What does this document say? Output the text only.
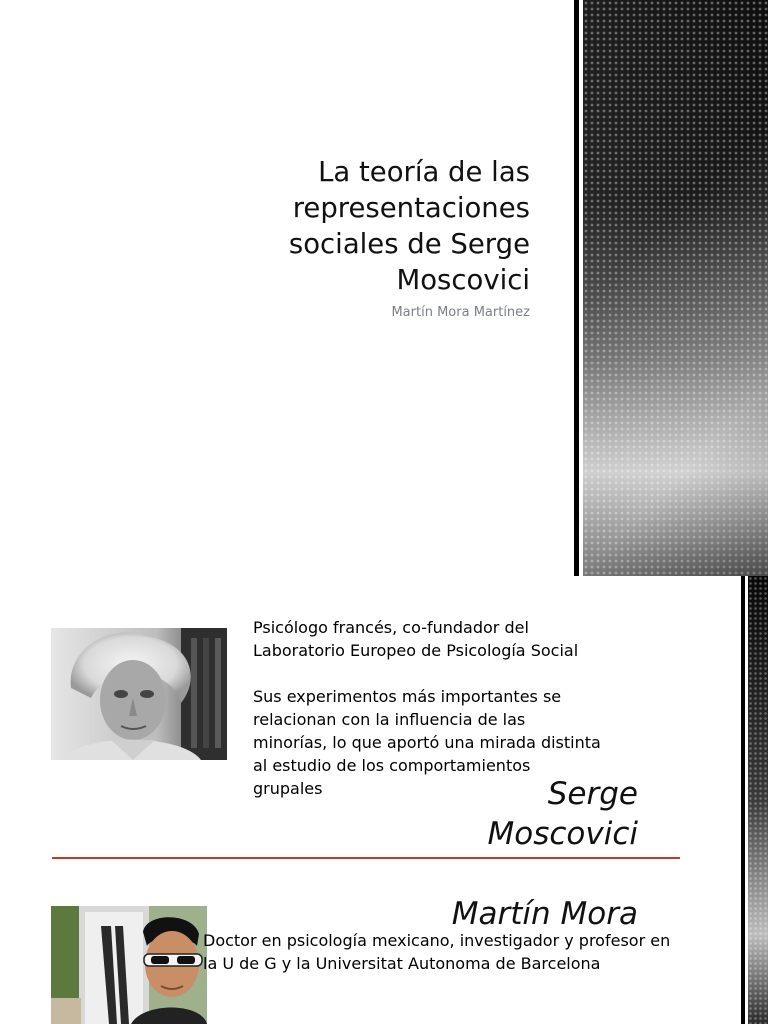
La teoría de las
representaciones
sociales de Serge
Moscovici
Martín Mora Martínez

Psicólogo francés, co-fundador del Laboratorio Europeo de Psicología Social

Sus experimentos más importantes se relacionan con la influencia de las minorías, lo que aportó una mirada distinta al estudio de los comportamientos grupales	Serge
Moscovici
Martín Mora

Doctor en psicología mexicano, investigador y profesor en la U de G y la Universitat Autonoma de Barcelona
